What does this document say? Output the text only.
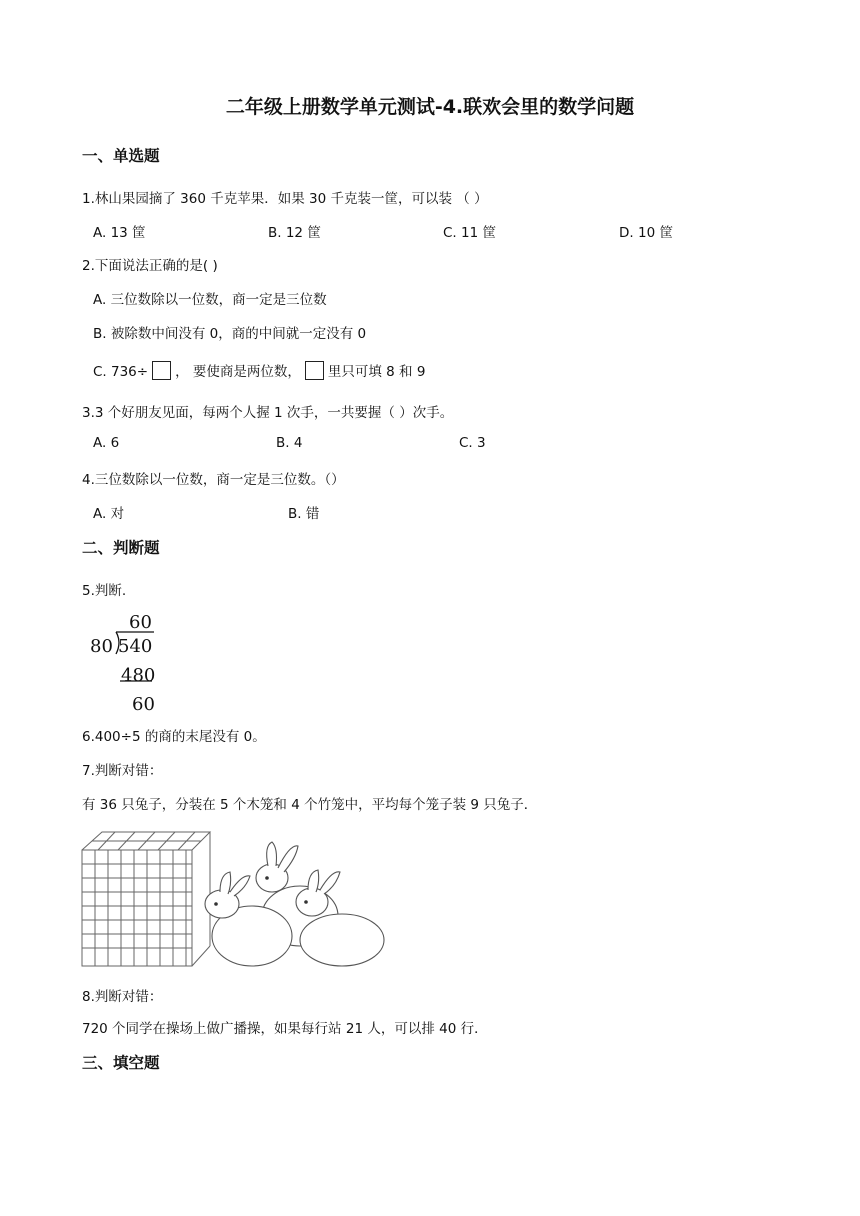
二年级上册数学单元测试-4.联欢会里的数学问题
一、单选题
1.林山果园摘了 360 千克苹果．如果 30 千克装一筐，可以装 （ ）
A. 13 筐	B. 12 筐	C. 11 筐	D. 10 筐
2.下面说法正确的是( )
A. 三位数除以一位数，商一定是三位数
B. 被除数中间没有 0，商的中间就一定没有 0
C. 736÷ ， 要使商是两位数， 里只可填 8 和 9
3.3 个好朋友见面，每两个人握 1 次手，一共要握（ ）次手。
A. 6	B. 4	C. 3
4.三位数除以一位数，商一定是三位数。（）
A. 对	B. 错
二、判断题
5.判断.
60
80 540
480
60
6.400÷5 的商的末尾没有 0。
7.判断对错：
有 36 只兔子，分装在 5 个木笼和 4 个竹笼中，平均每个笼子装 9 只兔子．
8.判断对错：
720 个同学在操场上做广播操，如果每行站 21 人，可以排 40 行．
三、填空题
